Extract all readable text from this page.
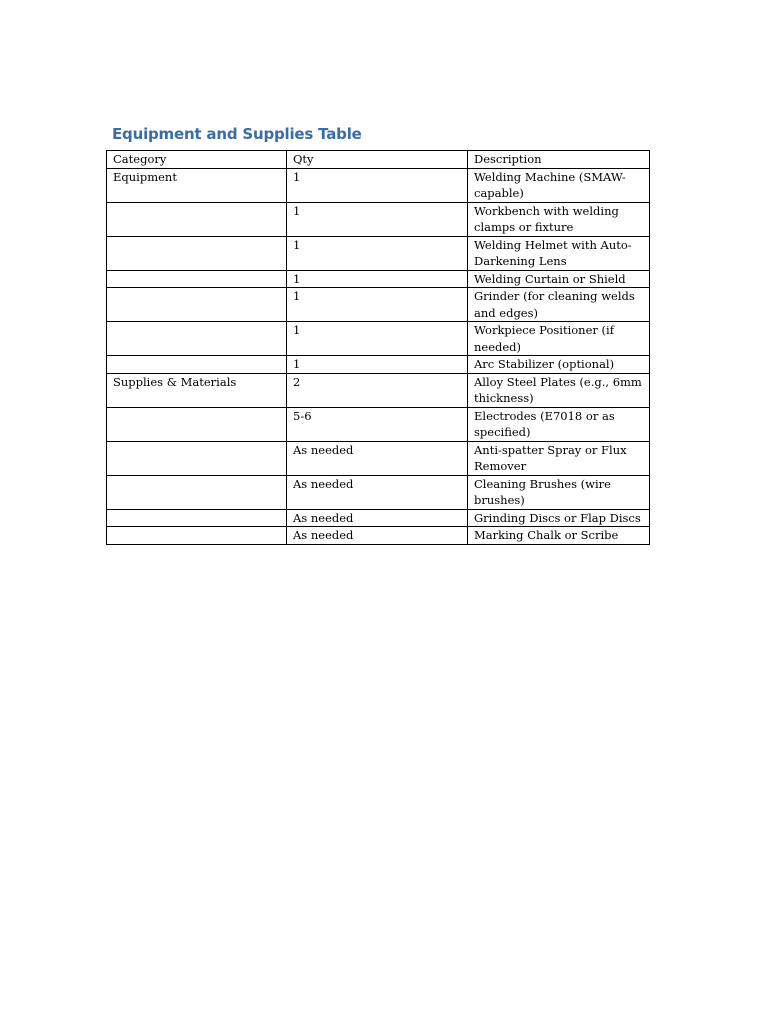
Equipment and Supplies Table
Category	Qty	Description
Equipment	1	Welding Machine (SMAW-capable)
	1	Workbench with welding clamps or fixture
	1	Welding Helmet with Auto-Darkening Lens
	1	Welding Curtain or Shield
	1	Grinder (for cleaning welds and edges)
	1	Workpiece Positioner (if needed)
	1	Arc Stabilizer (optional)
Supplies & Materials	2	Alloy Steel Plates (e.g., 6mm thickness)
	5-6	Electrodes (E7018 or as specified)
	As needed	Anti-spatter Spray or Flux Remover
	As needed	Cleaning Brushes (wire brushes)
	As needed	Grinding Discs or Flap Discs
	As needed	Marking Chalk or Scribe
